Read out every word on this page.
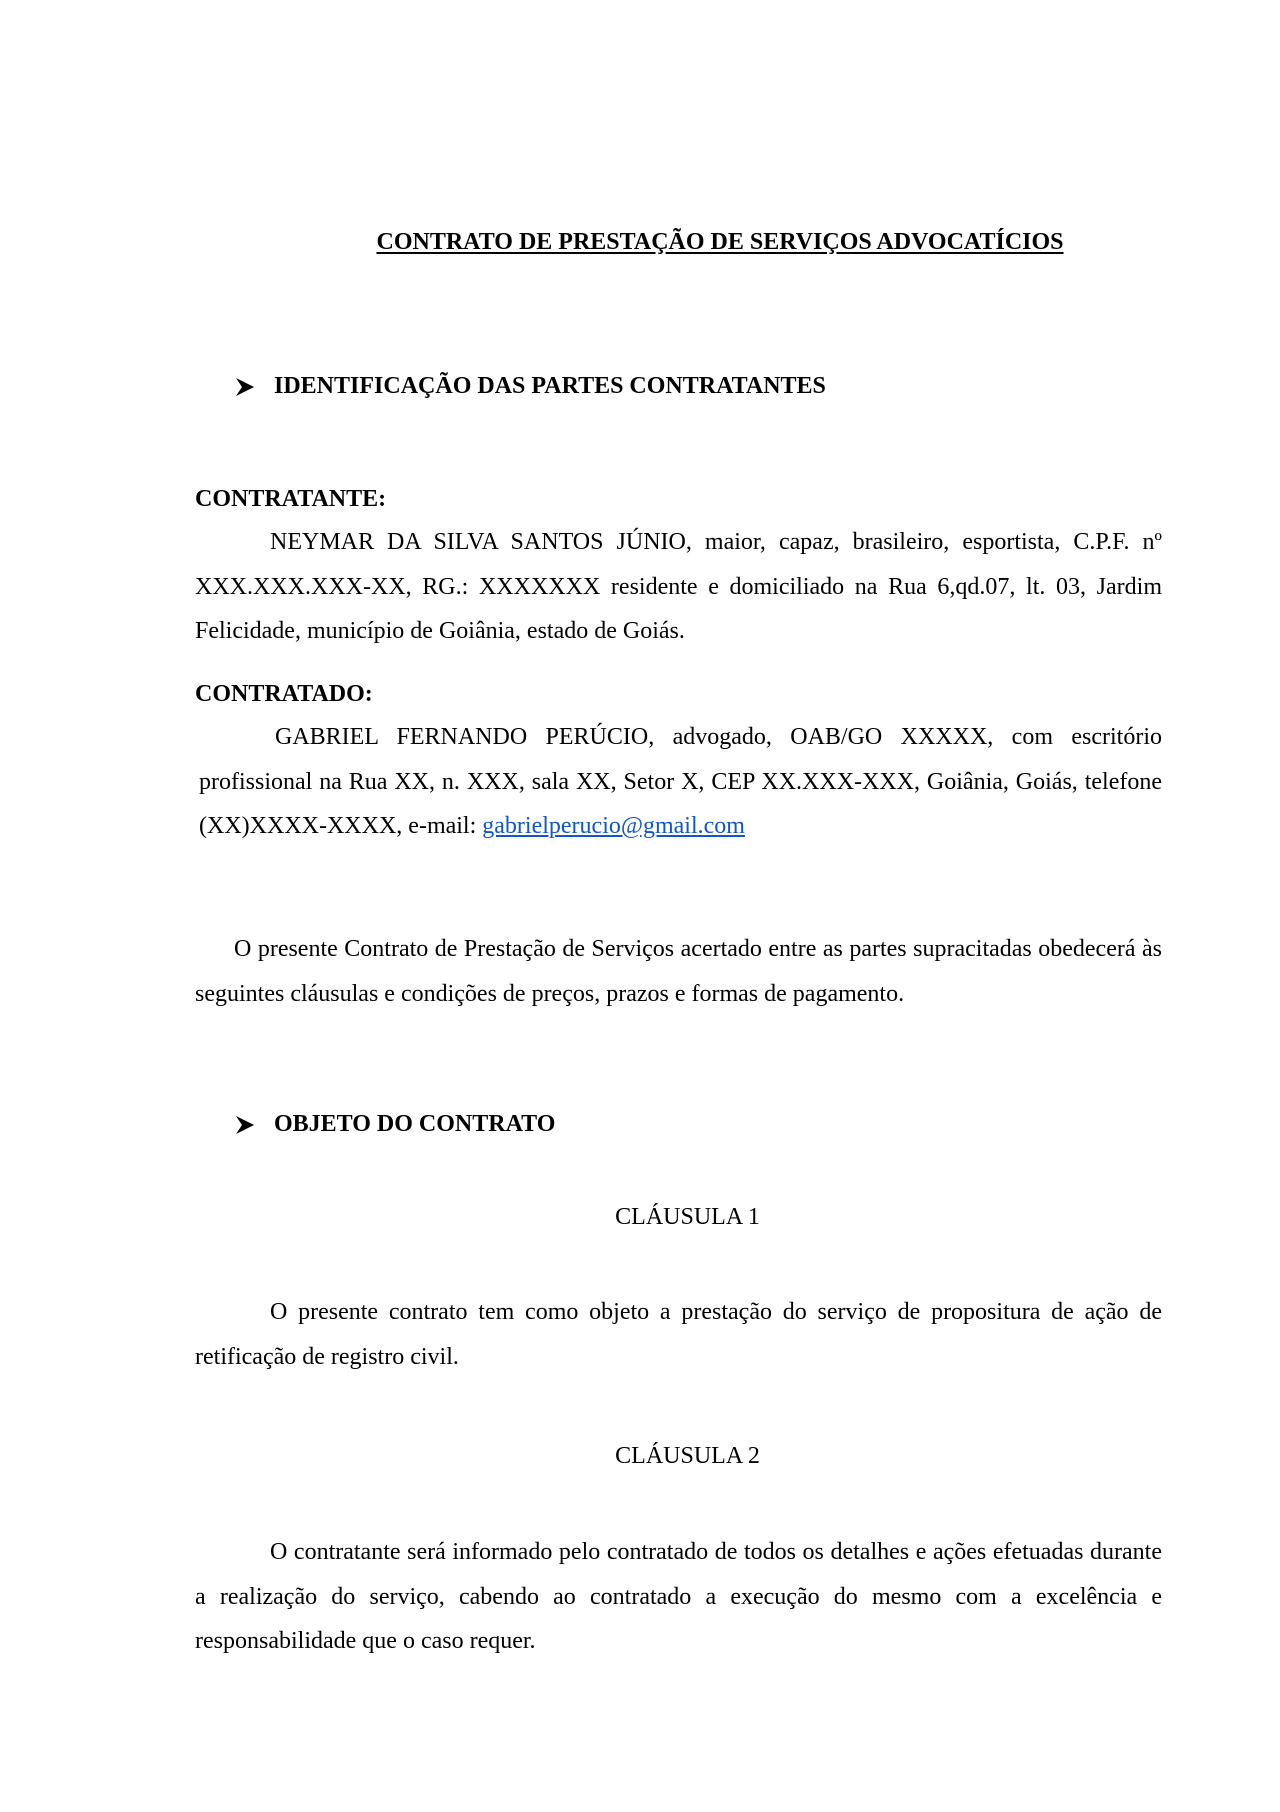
CONTRATO DE PRESTAÇÃO DE SERVIÇOS ADVOCATÍCIOS
IDENTIFICAÇÃO DAS PARTES CONTRATANTES
CONTRATANTE:
NEYMAR DA SILVA SANTOS JÚNIO, maior, capaz, brasileiro, esportista, C.P.F. nº XXX.XXX.XXX-XX, RG.: XXXXXXX residente e domiciliado na Rua 6,qd.07, lt. 03, Jardim Felicidade, município de Goiânia, estado de Goiás.
CONTRATADO:
GABRIEL FERNANDO PERÚCIO, advogado, OAB/GO XXXXX, com escritório profissional na Rua XX, n. XXX, sala XX, Setor X, CEP XX.XXX-XXX, Goiânia, Goiás, telefone (XX)XXXX-XXXX, e-mail: gabrielperucio@gmail.com
O presente Contrato de Prestação de Serviços acertado entre as partes supracitadas obedecerá às seguintes cláusulas e condições de preços, prazos e formas de pagamento.
OBJETO DO CONTRATO
CLÁUSULA 1
O presente contrato tem como objeto a prestação do serviço de propositura de ação de retificação de registro civil.
CLÁUSULA 2
O contratante será informado pelo contratado de todos os detalhes e ações efetuadas durante a realização do serviço, cabendo ao contratado a execução do mesmo com a excelência e responsabilidade que o caso requer.
